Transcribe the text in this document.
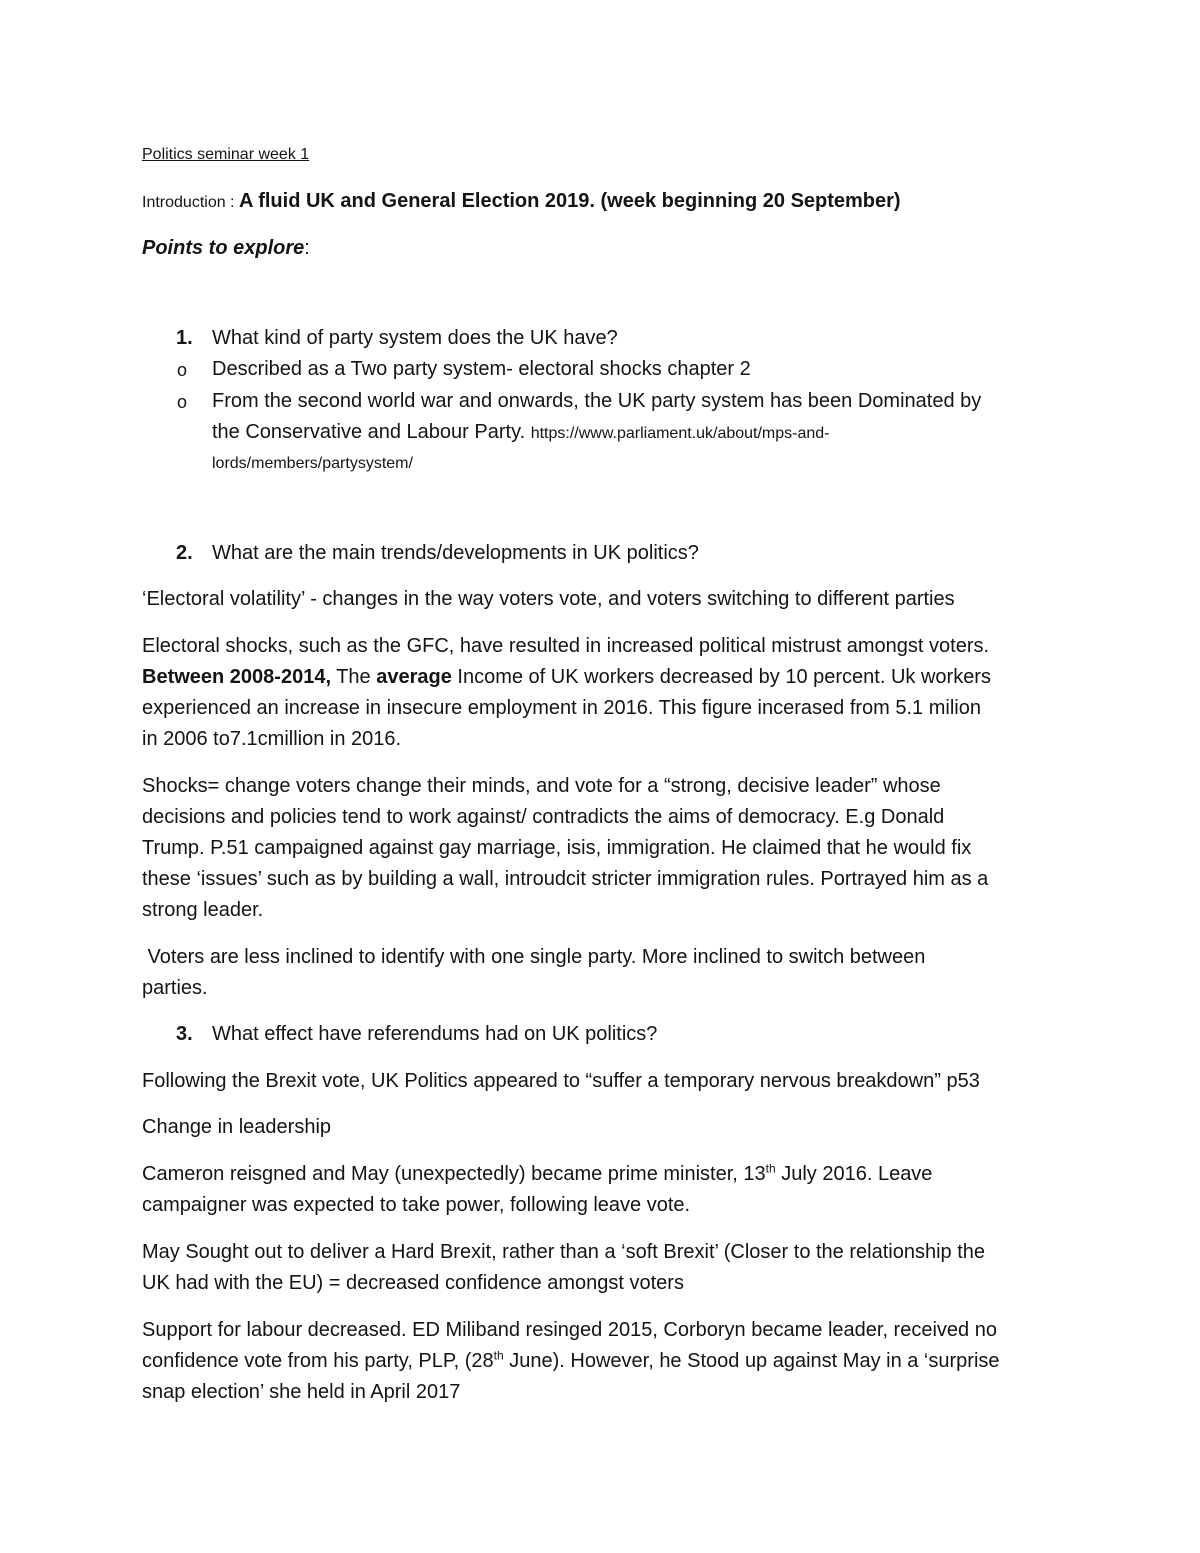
Politics seminar week 1
Introduction : A fluid UK and General Election 2019. (week beginning 20 September)
Points to explore:
1. What kind of party system does the UK have?
o Described as a Two party system- electoral shocks chapter 2
o From the second world war and onwards, the UK party system has been Dominated by
the Conservative and Labour Party. https://www.parliament.uk/about/mps-and-
lords/members/partysystem/
2. What are the main trends/developments in UK politics?
‘Electoral volatility’ - changes in the way voters vote, and voters switching to different parties
Electoral shocks, such as the GFC, have resulted in increased political mistrust amongst voters.
Between 2008-2014, The average Income of UK workers decreased by 10 percent. Uk workers
experienced an increase in insecure employment in 2016. This figure incerased from 5.1 milion
in 2006 to7.1cmillion in 2016.
Shocks= change voters change their minds, and vote for a “strong, decisive leader” whose
decisions and policies tend to work against/ contradicts the aims of democracy. E.g Donald
Trump. P.51 campaigned against gay marriage, isis, immigration. He claimed that he would fix
these ‘issues’ such as by building a wall, introudcit stricter immigration rules. Portrayed him as a
strong leader.
Voters are less inclined to identify with one single party. More inclined to switch between
parties.
3. What effect have referendums had on UK politics?
Following the Brexit vote, UK Politics appeared to “suffer a temporary nervous breakdown” p53
Change in leadership
Cameron reisgned and May (unexpectedly) became prime minister, 13th July 2016. Leave
campaigner was expected to take power, following leave vote.
May Sought out to deliver a Hard Brexit, rather than a ‘soft Brexit’ (Closer to the relationship the
UK had with the EU) = decreased confidence amongst voters
Support for labour decreased. ED Miliband resinged 2015, Corboryn became leader, received no
confidence vote from his party, PLP, (28th June). However, he Stood up against May in a ‘surprise
snap election’ she held in April 2017
